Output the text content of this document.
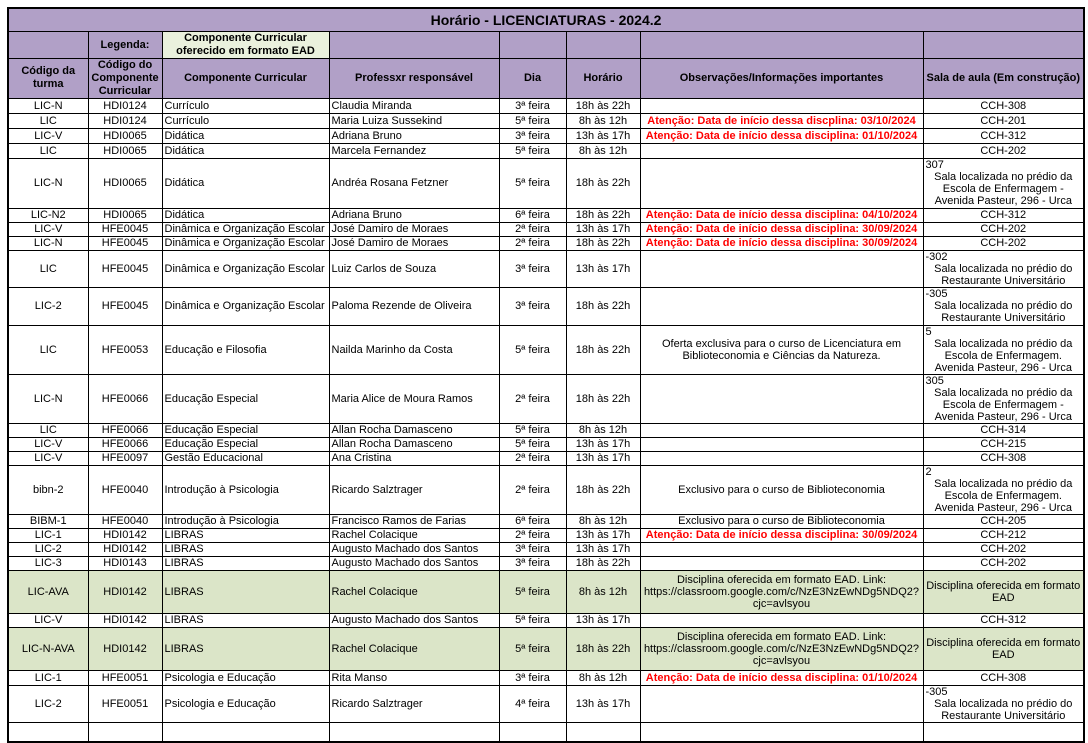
Horário - LICENCIATURAS - 2024.2							
	Legenda:	Componente Curricular oferecido em formato EAD					
Código da turma	Código do Componente Curricular	Componente Curricular	Professxr responsável	Dia	Horário	Observações/Informações importantes	Sala de aula (Em construção)
LIC-N	HDI0124	Currículo	Claudia Miranda	3ª feira	18h às 22h		CCH-308
LIC	HDI0124	Currículo	Maria Luiza Sussekind	5ª feira	8h às 12h	Atenção: Data de início dessa discplina: 03/10/2024	CCH-201
LIC-V	HDI0065	Didática	Adriana Bruno	3ª feira	13h às 17h	Atenção: Data de início dessa disciplina: 01/10/2024	CCH-312
LIC	HDI0065	Didática	Marcela Fernandez	5ª feira	8h às 12h		CCH-202
LIC-N	HDI0065	Didática	Andréa Rosana Fetzner	5ª feira	18h às 22h		307
Sala localizada no prédio da Escola de Enfermagem - Avenida Pasteur, 296 - Urca

LIC-N2	HDI0065	Didática	Adriana Bruno	6ª feira	18h às 22h	Atenção: Data de início dessa disciplina: 04/10/2024	CCH-312
LIC-V	HFE0045	Dinâmica e Organização Escolar	José Damiro de Moraes	2ª feira	13h às 17h	Atenção: Data de início dessa disciplina: 30/09/2024	CCH-202
LIC-N	HFE0045	Dinâmica e Organização Escolar	José Damiro de Moraes	2ª feira	18h às 22h	Atenção: Data de início dessa disciplina: 30/09/2024	CCH-202
LIC	HFE0045	Dinâmica e Organização Escolar	Luiz Carlos de Souza	3ª feira	13h às 17h		-302
Sala localizada no prédio do Restaurante Universitário

LIC-2	HFE0045	Dinâmica e Organização Escolar	Paloma Rezende de Oliveira	3ª feira	18h às 22h		-305
Sala localizada no prédio do Restaurante Universitário

LIC	HFE0053	Educação e Filosofia	Nailda Marinho da Costa	5ª feira	18h às 22h	Oferta exclusiva para o curso de Licenciatura em Biblioteconomia e Ciências da Natureza.	5
Sala localizada no prédio da Escola de Enfermagem. Avenida Pasteur, 296 - Urca

LIC-N	HFE0066	Educação Especial	Maria Alice de Moura Ramos	2ª feira	18h às 22h		305
Sala localizada no prédio da Escola de Enfermagem - Avenida Pasteur, 296 - Urca

LIC	HFE0066	Educação Especial	Allan Rocha Damasceno	5ª feira	8h às 12h		CCH-314
LIC-V	HFE0066	Educação Especial	Allan Rocha Damasceno	5ª feira	13h às 17h		CCH-215
LIC-V	HFE0097	Gestão Educacional	Ana Cristina	2ª feira	13h às 17h		CCH-308
bibn-2	HFE0040	Introdução à Psicologia	Ricardo Salztrager	2ª feira	18h às 22h	Exclusivo para o curso de Biblioteconomia	2
Sala localizada no prédio da Escola de Enfermagem. Avenida Pasteur, 296 - Urca

BIBM-1	HFE0040	Introdução à Psicologia	Francisco Ramos de Farias	6ª feira	8h às 12h	Exclusivo para o curso de Biblioteconomia	CCH-205
LIC-1	HDI0142	LIBRAS	Rachel Colacique	2ª feira	13h às 17h	Atenção: Data de início dessa disciplina: 30/09/2024	CCH-212
LIC-2	HDI0142	LIBRAS	Augusto Machado dos Santos	3ª feira	13h às 17h		CCH-202
LIC-3	HDI0143	LIBRAS	Augusto Machado dos Santos	3ª feira	18h às 22h		CCH-202
LIC-AVA	HDI0142	LIBRAS	Rachel Colacique	5ª feira	8h às 12h	Disciplina oferecida em formato EAD. Link: https://classroom.google.com/c/NzE3NzEwNDg5NDQ2?cjc=avlsyou	Disciplina oferecida em formato EAD
LIC-V	HDI0142	LIBRAS	Augusto Machado dos Santos	5ª feira	13h às 17h		CCH-312
LIC-N-AVA	HDI0142	LIBRAS	Rachel Colacique	5ª feira	18h às 22h	Disciplina oferecida em formato EAD. Link: https://classroom.google.com/c/NzE3NzEwNDg5NDQ2?cjc=avlsyou	Disciplina oferecida em formato EAD
LIC-1	HFE0051	Psicologia e Educação	Rita Manso	3ª feira	8h às 12h	Atenção: Data de início dessa disciplina: 01/10/2024	CCH-308
LIC-2	HFE0051	Psicologia e Educação	Ricardo Salztrager	4ª feira	13h às 17h		-305
Sala localizada no prédio do Restaurante Universitário
